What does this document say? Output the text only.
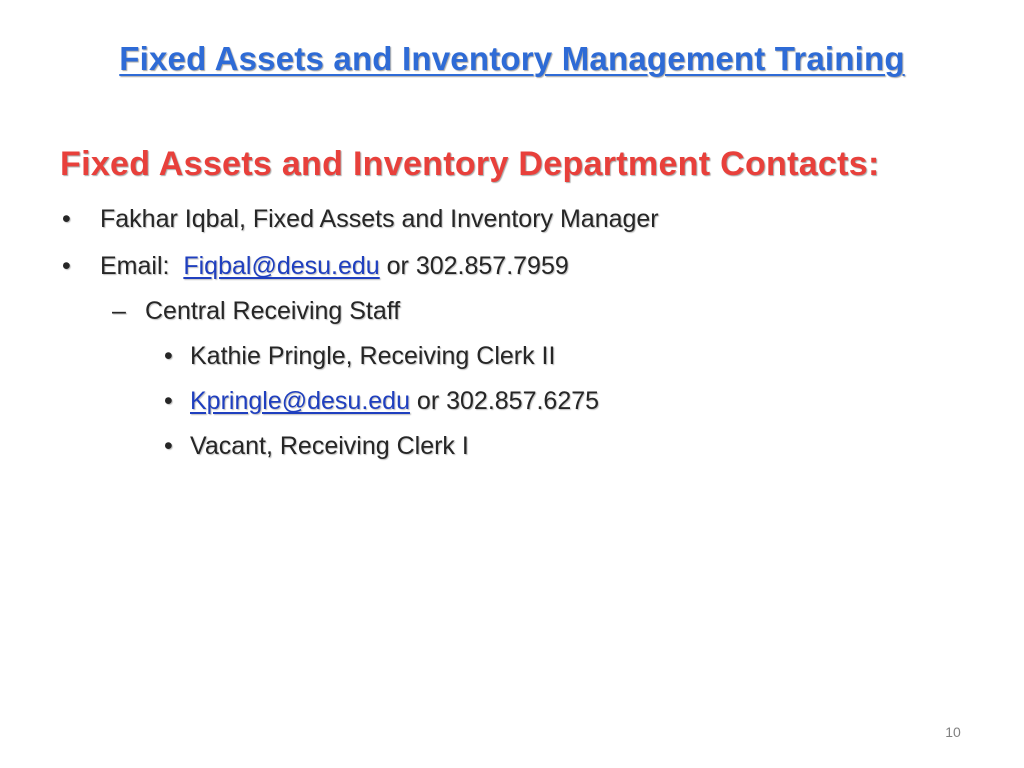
Fixed Assets and Inventory Management Training
Fixed Assets and Inventory Department Contacts:
• Fakhar Iqbal, Fixed Assets and Inventory Manager
• Email:  Fiqbal@desu.edu or 302.857.7959
– Central Receiving Staff
• Kathie Pringle, Receiving Clerk II
• Kpringle@desu.edu or 302.857.6275
• Vacant, Receiving Clerk I
10
